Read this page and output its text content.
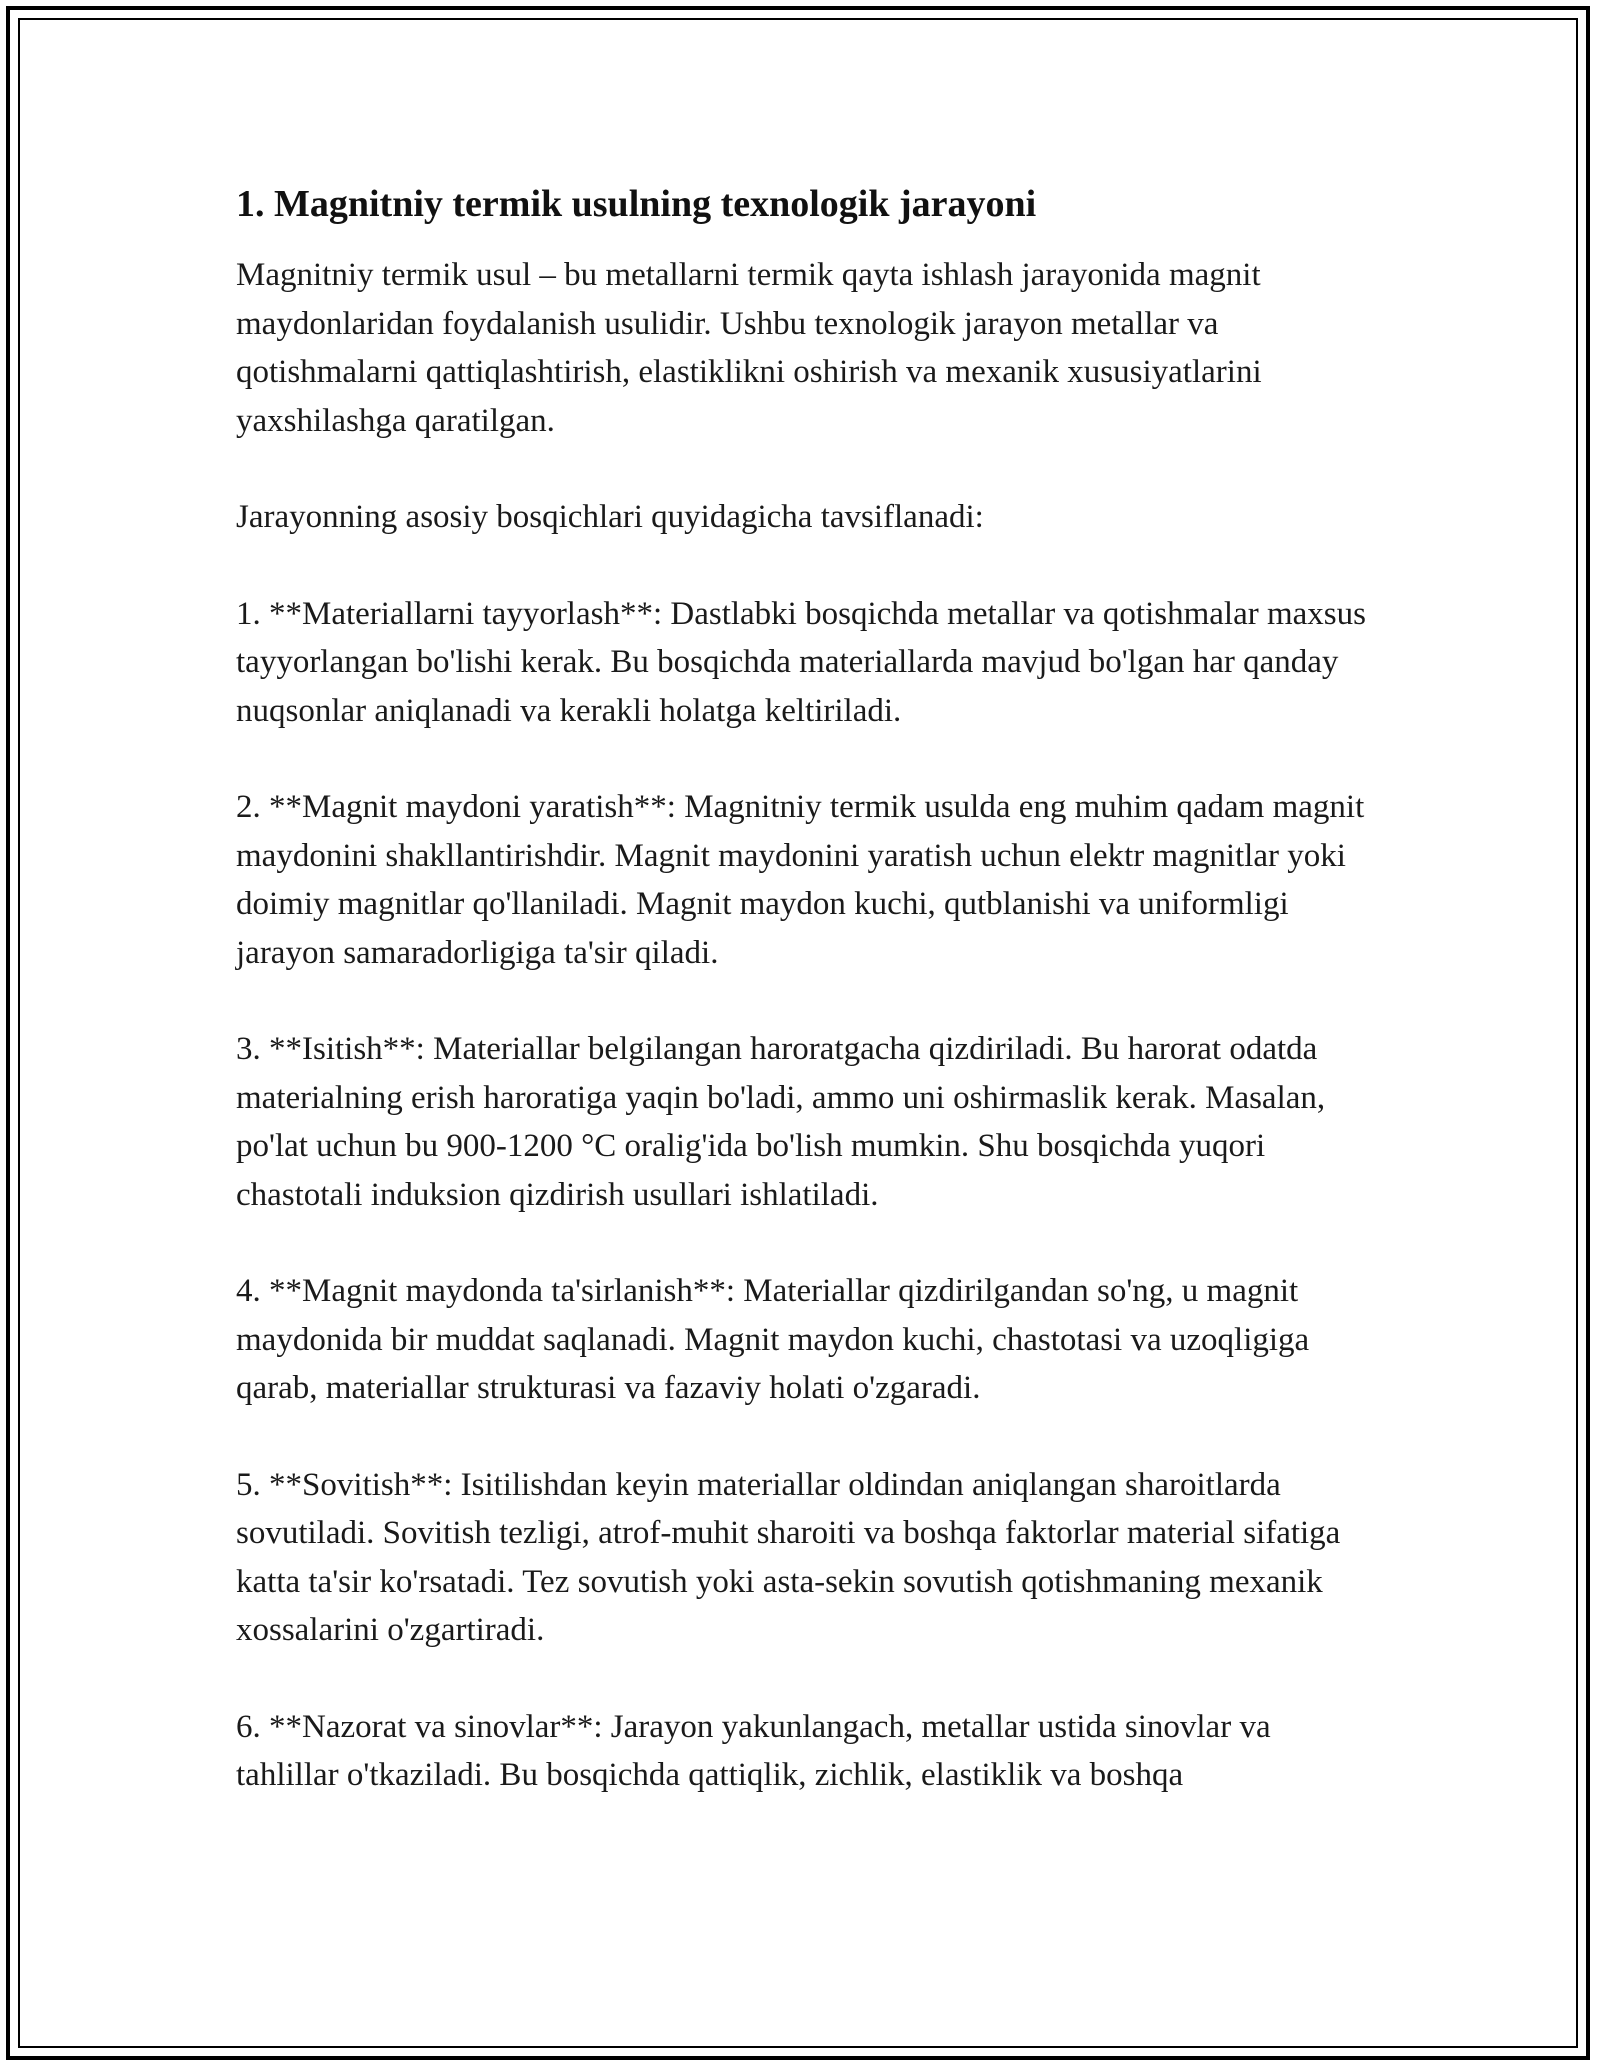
1. Magnitniy termik usulning texnologik jarayoni

Magnitniy termik usul – bu metallarni termik qayta ishlash jarayonida magnit maydonlaridan foydalanish usulidir. Ushbu texnologik jarayon metallar va qotishmalarni qattiqlashtirish, elastiklikni oshirish va mexanik xususiyatlarini yaxshilashga qaratilgan.

Jarayonning asosiy bosqichlari quyidagicha tavsiflanadi:

1. **Materiallarni tayyorlash**: Dastlabki bosqichda metallar va qotishmalar maxsus tayyorlangan bo'lishi kerak. Bu bosqichda materiallarda mavjud bo'lgan har qanday nuqsonlar aniqlanadi va kerakli holatga keltiriladi.

2. **Magnit maydoni yaratish**: Magnitniy termik usulda eng muhim qadam magnit maydonini shakllantirishdir. Magnit maydonini yaratish uchun elektr magnitlar yoki doimiy magnitlar qo'llaniladi. Magnit maydon kuchi, qutblanishi va uniformligi jarayon samaradorligiga ta'sir qiladi.

3. **Isitish**: Materiallar belgilangan haroratgacha qizdiriladi. Bu harorat odatda materialning erish haroratiga yaqin bo'ladi, ammo uni oshirmaslik kerak. Masalan, po'lat uchun bu 900-1200 °C oralig'ida bo'lish mumkin. Shu bosqichda yuqori chastotali induksion qizdirish usullari ishlatiladi.

4. **Magnit maydonda ta'sirlanish**: Materiallar qizdirilgandan so'ng, u magnit maydonida bir muddat saqlanadi. Magnit maydon kuchi, chastotasi va uzoqligiga qarab, materiallar strukturasi va fazaviy holati o'zgaradi.

5. **Sovitish**: Isitilishdan keyin materiallar oldindan aniqlangan sharoitlarda sovutiladi. Sovitish tezligi, atrof-muhit sharoiti va boshqa faktorlar material sifatiga katta ta'sir ko'rsatadi. Tez sovutish yoki asta-sekin sovutish qotishmaning mexanik xossalarini o'zgartiradi.

6. **Nazorat va sinovlar**: Jarayon yakunlangach, metallar ustida sinovlar va tahlillar o'tkaziladi. Bu bosqichda qattiqlik, zichlik, elastiklik va boshqa
